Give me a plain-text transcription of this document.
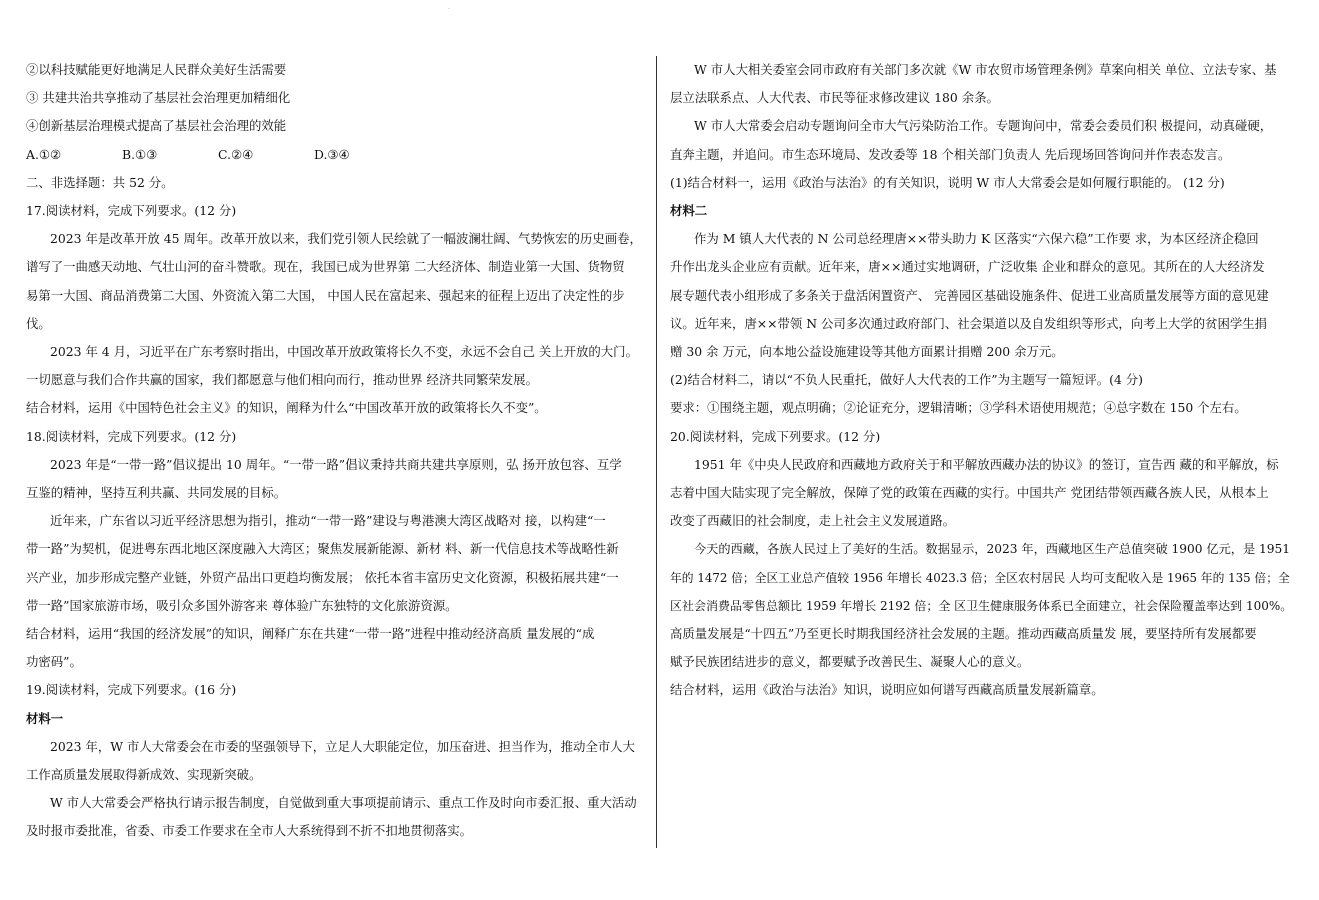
·

②以科技赋能更好地满足人民群众美好生活需要

③ 共建共治共享推动了基层社会治理更加精细化

④创新基层治理模式提高了基层社会治理的效能

A.①②	B.①③	C.②④	D.③④

二、非选择题：共 52 分。

17.阅读材料，完成下列要求。(12 分)

2023 年是改革开放 45 周年。改革开放以来，我们党引领人民绘就了一幅波澜壮阔、气势恢宏的历史画卷，

谱写了一曲感天动地、气壮山河的奋斗赞歌。现在，我国已成为世界第 二大经济体、制造业第一大国、货物贸

易第一大国、商品消费第二大国、外资流入第二大国， 中国人民在富起来、强起来的征程上迈出了决定性的步

伐。

2023 年 4 月，习近平在广东考察时指出，中国改革开放政策将长久不变，永远不会自己 关上开放的大门。

一切愿意与我们合作共赢的国家，我们都愿意与他们相向而行，推动世界 经济共同繁荣发展。

结合材料，运用《中国特色社会主义》的知识，阐释为什么“中国改革开放的政策将长久不变”。

18.阅读材料，完成下列要求。(12 分)

2023 年是“一带一路”倡议提出 10 周年。“一带一路”倡议秉持共商共建共享原则，弘 扬开放包容、互学

互鉴的精神，坚持互利共赢、共同发展的目标。

近年来，广东省以习近平经济思想为指引，推动“一带一路”建设与粤港澳大湾区战略对 接，以构建“一

带一路”为契机，促进粤东西北地区深度融入大湾区；聚焦发展新能源、新材 料、新一代信息技术等战略性新

兴产业，加步形成完整产业链，外贸产品出口更趋均衡发展； 依托本省丰富历史文化资源，积极拓展共建“一

带一路”国家旅游市场，吸引众多国外游客来 尊体验广东独特的文化旅游资源。

结合材料，运用“我国的经济发展”的知识，阐释广东在共建“一带一路”进程中推动经济高质 量发展的“成

功密码”。

19.阅读材料，完成下列要求。(16 分)

材料一

2023 年，W 市人大常委会在市委的坚强领导下，立足人大职能定位，加压奋进、担当作为，推动全市人大

工作高质量发展取得新成效、实现新突破。

W 市人大常委会严格执行请示报告制度，自觉做到重大事项提前请示、重点工作及时向市委汇报、重大活动

及时报市委批准，省委、市委工作要求在全市人大系统得到不折不扣地贯彻落实。

W 市人大相关委室会同市政府有关部门多次就《W 市农贸市场管理条例》草案向相关 单位、立法专家、基

层立法联系点、人大代表、市民等征求修改建议 180 余条。

W 市人大常委会启动专题询问全市大气污染防治工作。专题询问中，常委会委员们积 极提问，动真碰硬，

直奔主题，并追问。市生态环境局、发改委等 18 个相关部门负责人 先后现场回答询问并作表态发言。

(1)结合材料一，运用《政治与法治》的有关知识，说明 W 市人大常委会是如何履行职能的。 (12 分)

材料二

作为 M 镇人大代表的 N 公司总经理唐××带头助力 K 区落实“六保六稳”工作要 求，为本区经济企稳回

升作出龙头企业应有贡献。近年来，唐××通过实地调研，广泛收集 企业和群众的意见。其所在的人大经济发

展专题代表小组形成了多条关于盘活闲置资产、 完善园区基础设施条件、促进工业高质量发展等方面的意见建

议。近年来，唐××带领 N 公司多次通过政府部门、社会渠道以及自发组织等形式，向考上大学的贫困学生捐

赠 30 余 万元，向本地公益设施建设等其他方面累计捐赠 200 余万元。

(2)结合材料二，请以“不负人民重托，做好人大代表的工作”为主题写一篇短评。(4 分)

要求：①围绕主题，观点明确；②论证充分，逻辑清晰；③学科术语使用规范；④总字数在 150 个左右。

20.阅读材料，完成下列要求。(12 分)

1951 年《中央人民政府和西藏地方政府关于和平解放西藏办法的协议》的签订，宣告西 藏的和平解放，标

志着中国大陆实现了完全解放，保障了党的政策在西藏的实行。中国共产 党团结带领西藏各族人民，从根本上

改变了西藏旧的社会制度，走上社会主义发展道路。

今天的西藏，各族人民过上了美好的生活。数据显示，2023 年，西藏地区生产总值突破 1900 亿元，是 1951

年的 1472 倍；全区工业总产值较 1956 年增长 4023.3 倍；全区农村居民 人均可支配收入是 1965 年的 135 倍；全

区社会消费品零售总额比 1959 年增长 2192 倍；全 区卫生健康服务体系已全面建立，社会保险覆盖率达到 100%。

高质量发展是“十四五”乃至更长时期我国经济社会发展的主题。推动西藏高质量发 展，要坚持所有发展都要

赋予民族团结进步的意义，都要赋予改善民生、凝聚人心的意义。

结合材料，运用《政治与法治》知识，说明应如何谱写西藏高质量发展新篇章。
